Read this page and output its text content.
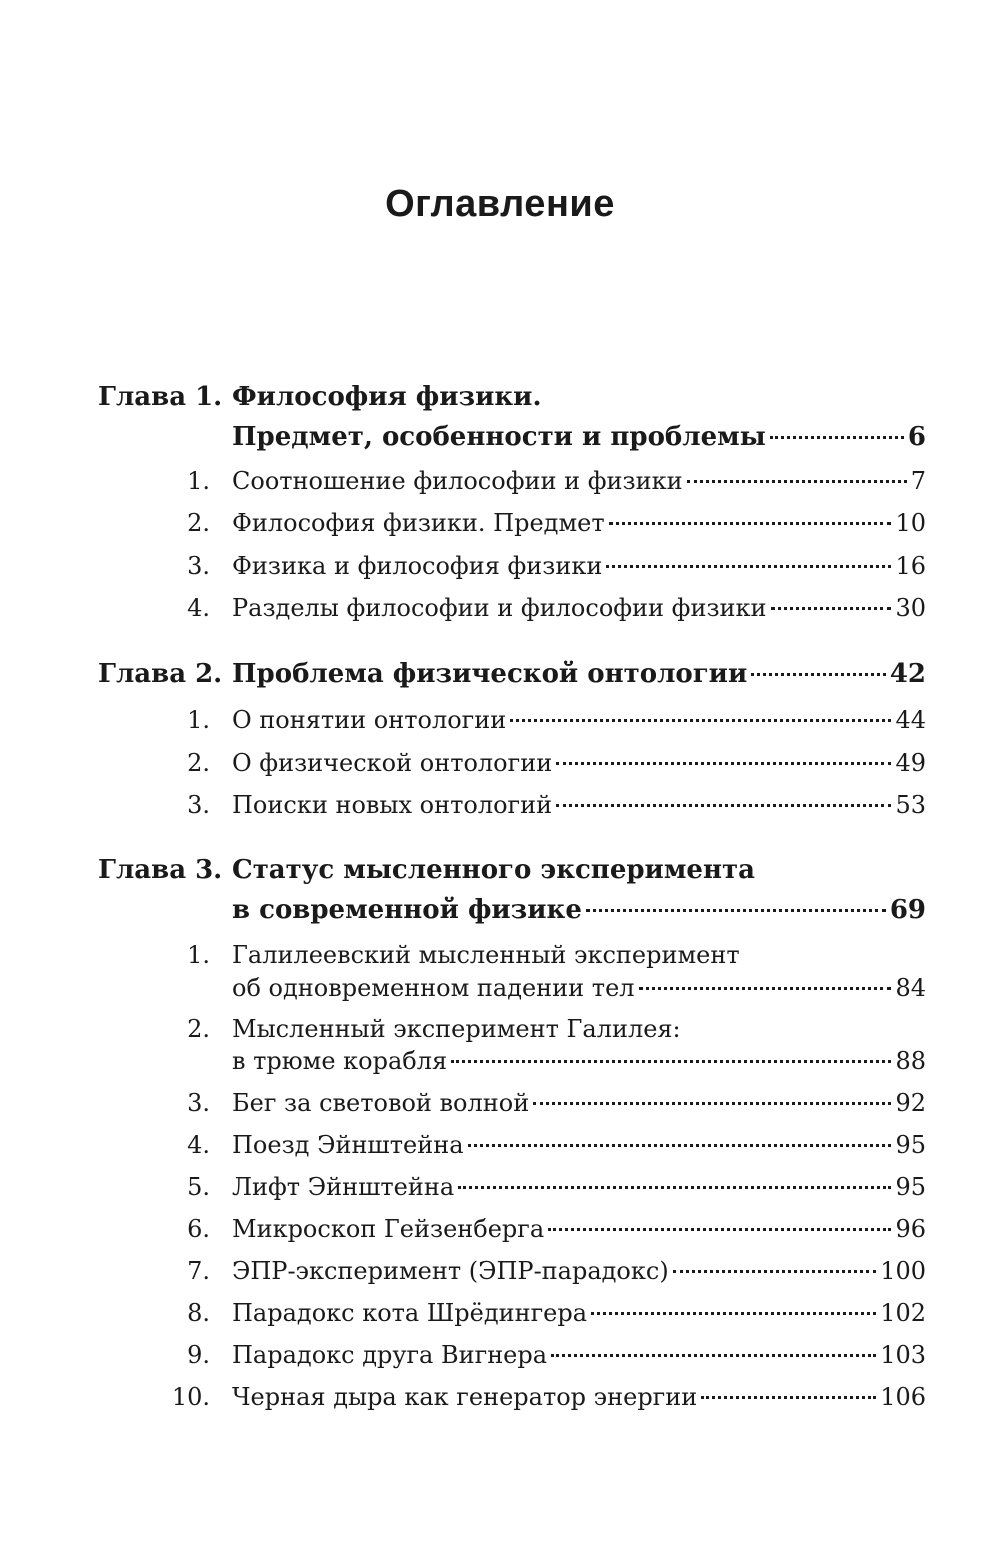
Оглавление
Глава 1. Философия физики.
Предмет, особенности и проблемы	6
1. Соотношение философии и физики	7
2. Философия физики. Предмет	10
3. Физика и философия физики	16
4. Разделы философии и философии физики	30
Глава 2. Проблема физической онтологии	42
1. О понятии онтологии	44
2. О физической онтологии	49
3. Поиски новых онтологий	53
Глава 3. Статус мысленного эксперимента
в современной физике	69
1. Галилеевский мысленный эксперимент
об одновременном падении тел	84
2. Мысленный эксперимент Галилея:
в трюме корабля	88
3. Бег за световой волной	92
4. Поезд Эйнштейна	95
5. Лифт Эйнштейна	95
6. Микроскоп Гейзенберга	96
7. ЭПР-эксперимент (ЭПР-парадокс)	100
8. Парадокс кота Шрёдингера	102
9. Парадокс друга Вигнера	103
10. Черная дыра как генератор энергии	106
